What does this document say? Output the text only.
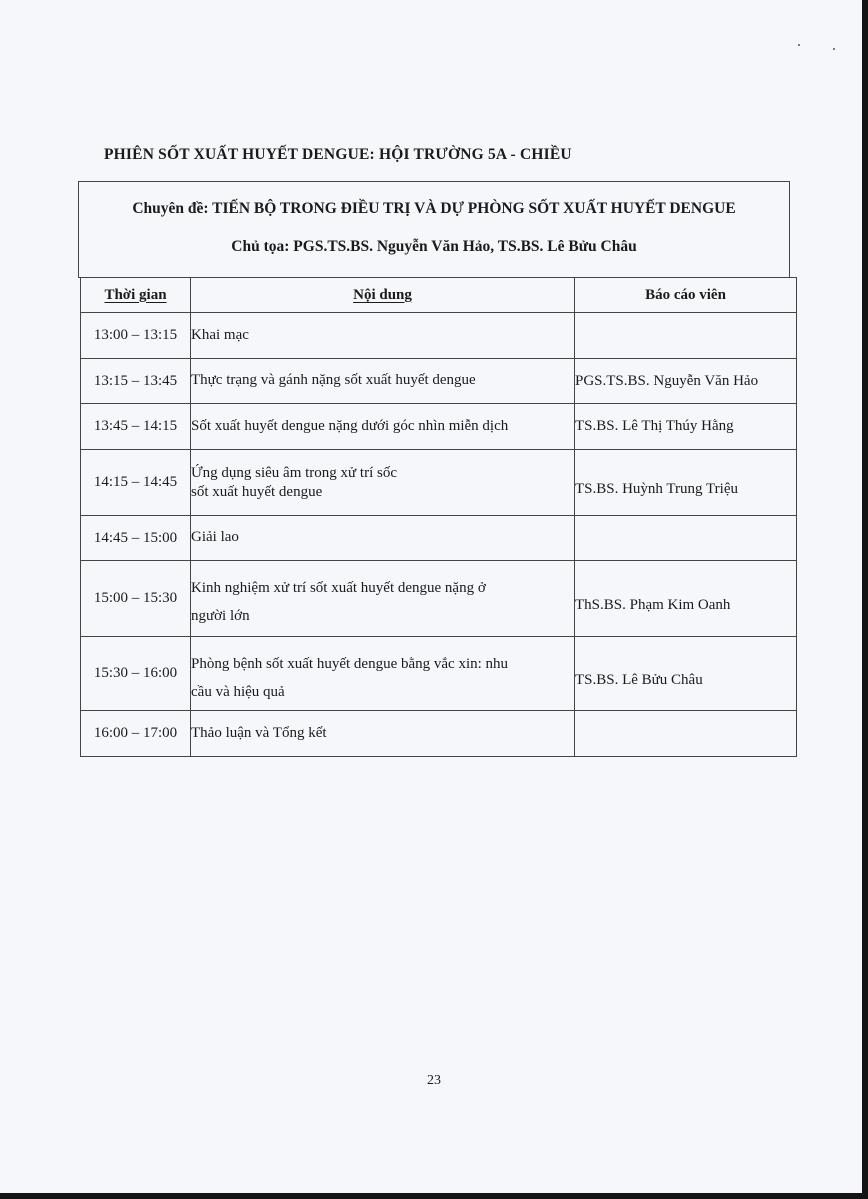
PHIÊN SỐT XUẤT HUYẾT DENGUE: HỘI TRƯỜNG 5A - CHIỀU
Chuyên đề: TIẾN BỘ TRONG ĐIỀU TRỊ VÀ DỰ PHÒNG SỐT XUẤT HUYẾT DENGUE
Chủ tọa: PGS.TS.BS. Nguyễn Văn Hảo, TS.BS. Lê Bửu Châu
Thời gian	Nội dung	Báo cáo viên
13:00 – 13:15	Khai mạc	

13:15 – 13:45	Thực trạng và gánh nặng sốt xuất huyết dengue	PGS.TS.BS. Nguyễn Văn Hảo
13:45 – 14:15	Sốt xuất huyết dengue nặng dưới góc nhìn miễn dịch	TS.BS. Lê Thị Thúy Hằng
14:15 – 14:45	Ứng dụng siêu âm trong xử trí sốc
sốt xuất huyết dengue	TS.BS. Huỳnh Trung Triệu
14:45 – 15:00	Giải lao	

15:00 – 15:30	Kinh nghiệm xử trí sốt xuất huyết dengue nặng ở
người lớn	ThS.BS. Phạm Kim Oanh
15:30 – 16:00	Phòng bệnh sốt xuất huyết dengue bằng vắc xin: nhu
cầu và hiệu quả	TS.BS. Lê Bửu Châu
16:00 – 17:00	Thảo luận và Tổng kết	

23
